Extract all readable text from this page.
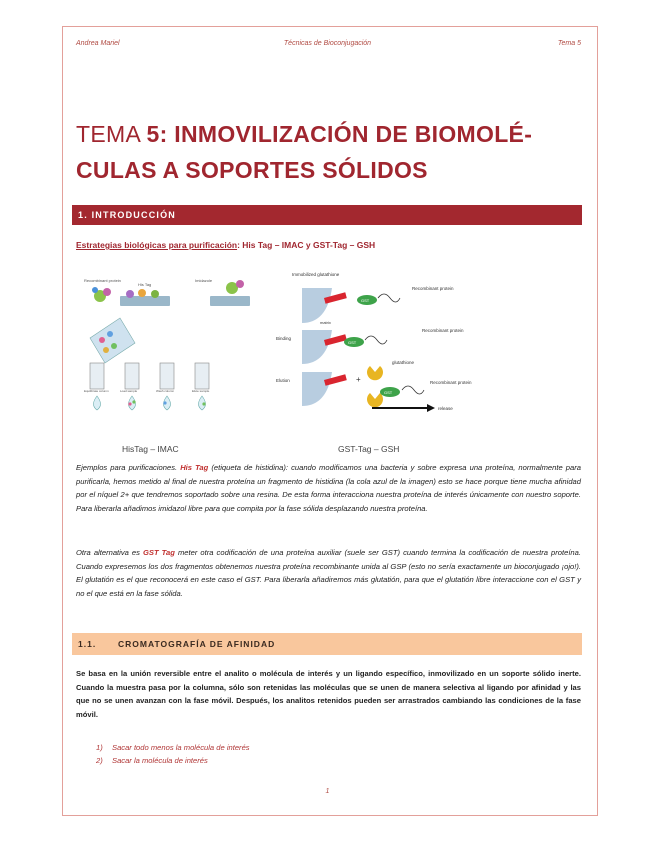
Andrea Mariel	Técnicas de Bioconjugación	Tema 5
TEMA 5: INMOVILIZACIÓN DE BIOMOLÉ-
CULAS A SOPORTES SÓLIDOS
1. INTRODUCCIÓN
Estrategias biológicas para purificación: His Tag – IMAC y GST-Tag – GSH
Recombinant protein
His Tag
Imidazole
Equilibrate column	Load sample	Wash column	Elute sample
Immobilized glutathione
GST
Recombinant protein
matrix
Binding
GST
Recombinant protein
Elution	+
glutathione
GST
Recombinant protein
release
HisTag – IMAC	GST-Tag – GSH
Ejemplos para purificaciones. His Tag (etiqueta de histidina): cuando modificamos una bacteria y sobre expresa una proteína, normalmente para purificarla, hemos metido al final de nuestra proteína un fragmento de histidina (la cola azul de la imagen) esto se hace porque tiene mucha afinidad por el níquel 2+ que tendremos soportado sobre una resina. De esta forma interacciona nuestra proteína de interés únicamente con nuestro soporte. Para liberarla añadimos imidazol libre para que compita por la fase sólida desplazando nuestra proteína.
Otra alternativa es GST Tag meter otra codificación de una proteína auxiliar (suele ser GST) cuando termina la codificación de nuestra proteína. Cuando expresemos los dos fragmentos obtenemos nuestra proteína recombinante unida al GSP (esto no sería exactamente un bioconjugado ¡ojo!). El glutatión es el que reconocerá en este caso el GST. Para liberarla añadiremos más glutatión, para que el glutatión libre interaccione con el GST y no el que está en la fase sólida.
1.1.	CROMATOGRAFÍA DE AFINIDAD
Se basa en la unión reversible entre el analito o molécula de interés y un ligando específico, inmovilizado en un soporte sólido inerte. Cuando la muestra pasa por la columna, sólo son retenidas las moléculas que se unen de manera selectiva al ligando por afinidad y las que no se unen avanzan con la fase móvil. Después, los analitos retenidos pueden ser arrastrados cambiando las condiciones de la fase móvil.
1) Sacar todo menos la molécula de interés
2) Sacar la molécula de interés
1
